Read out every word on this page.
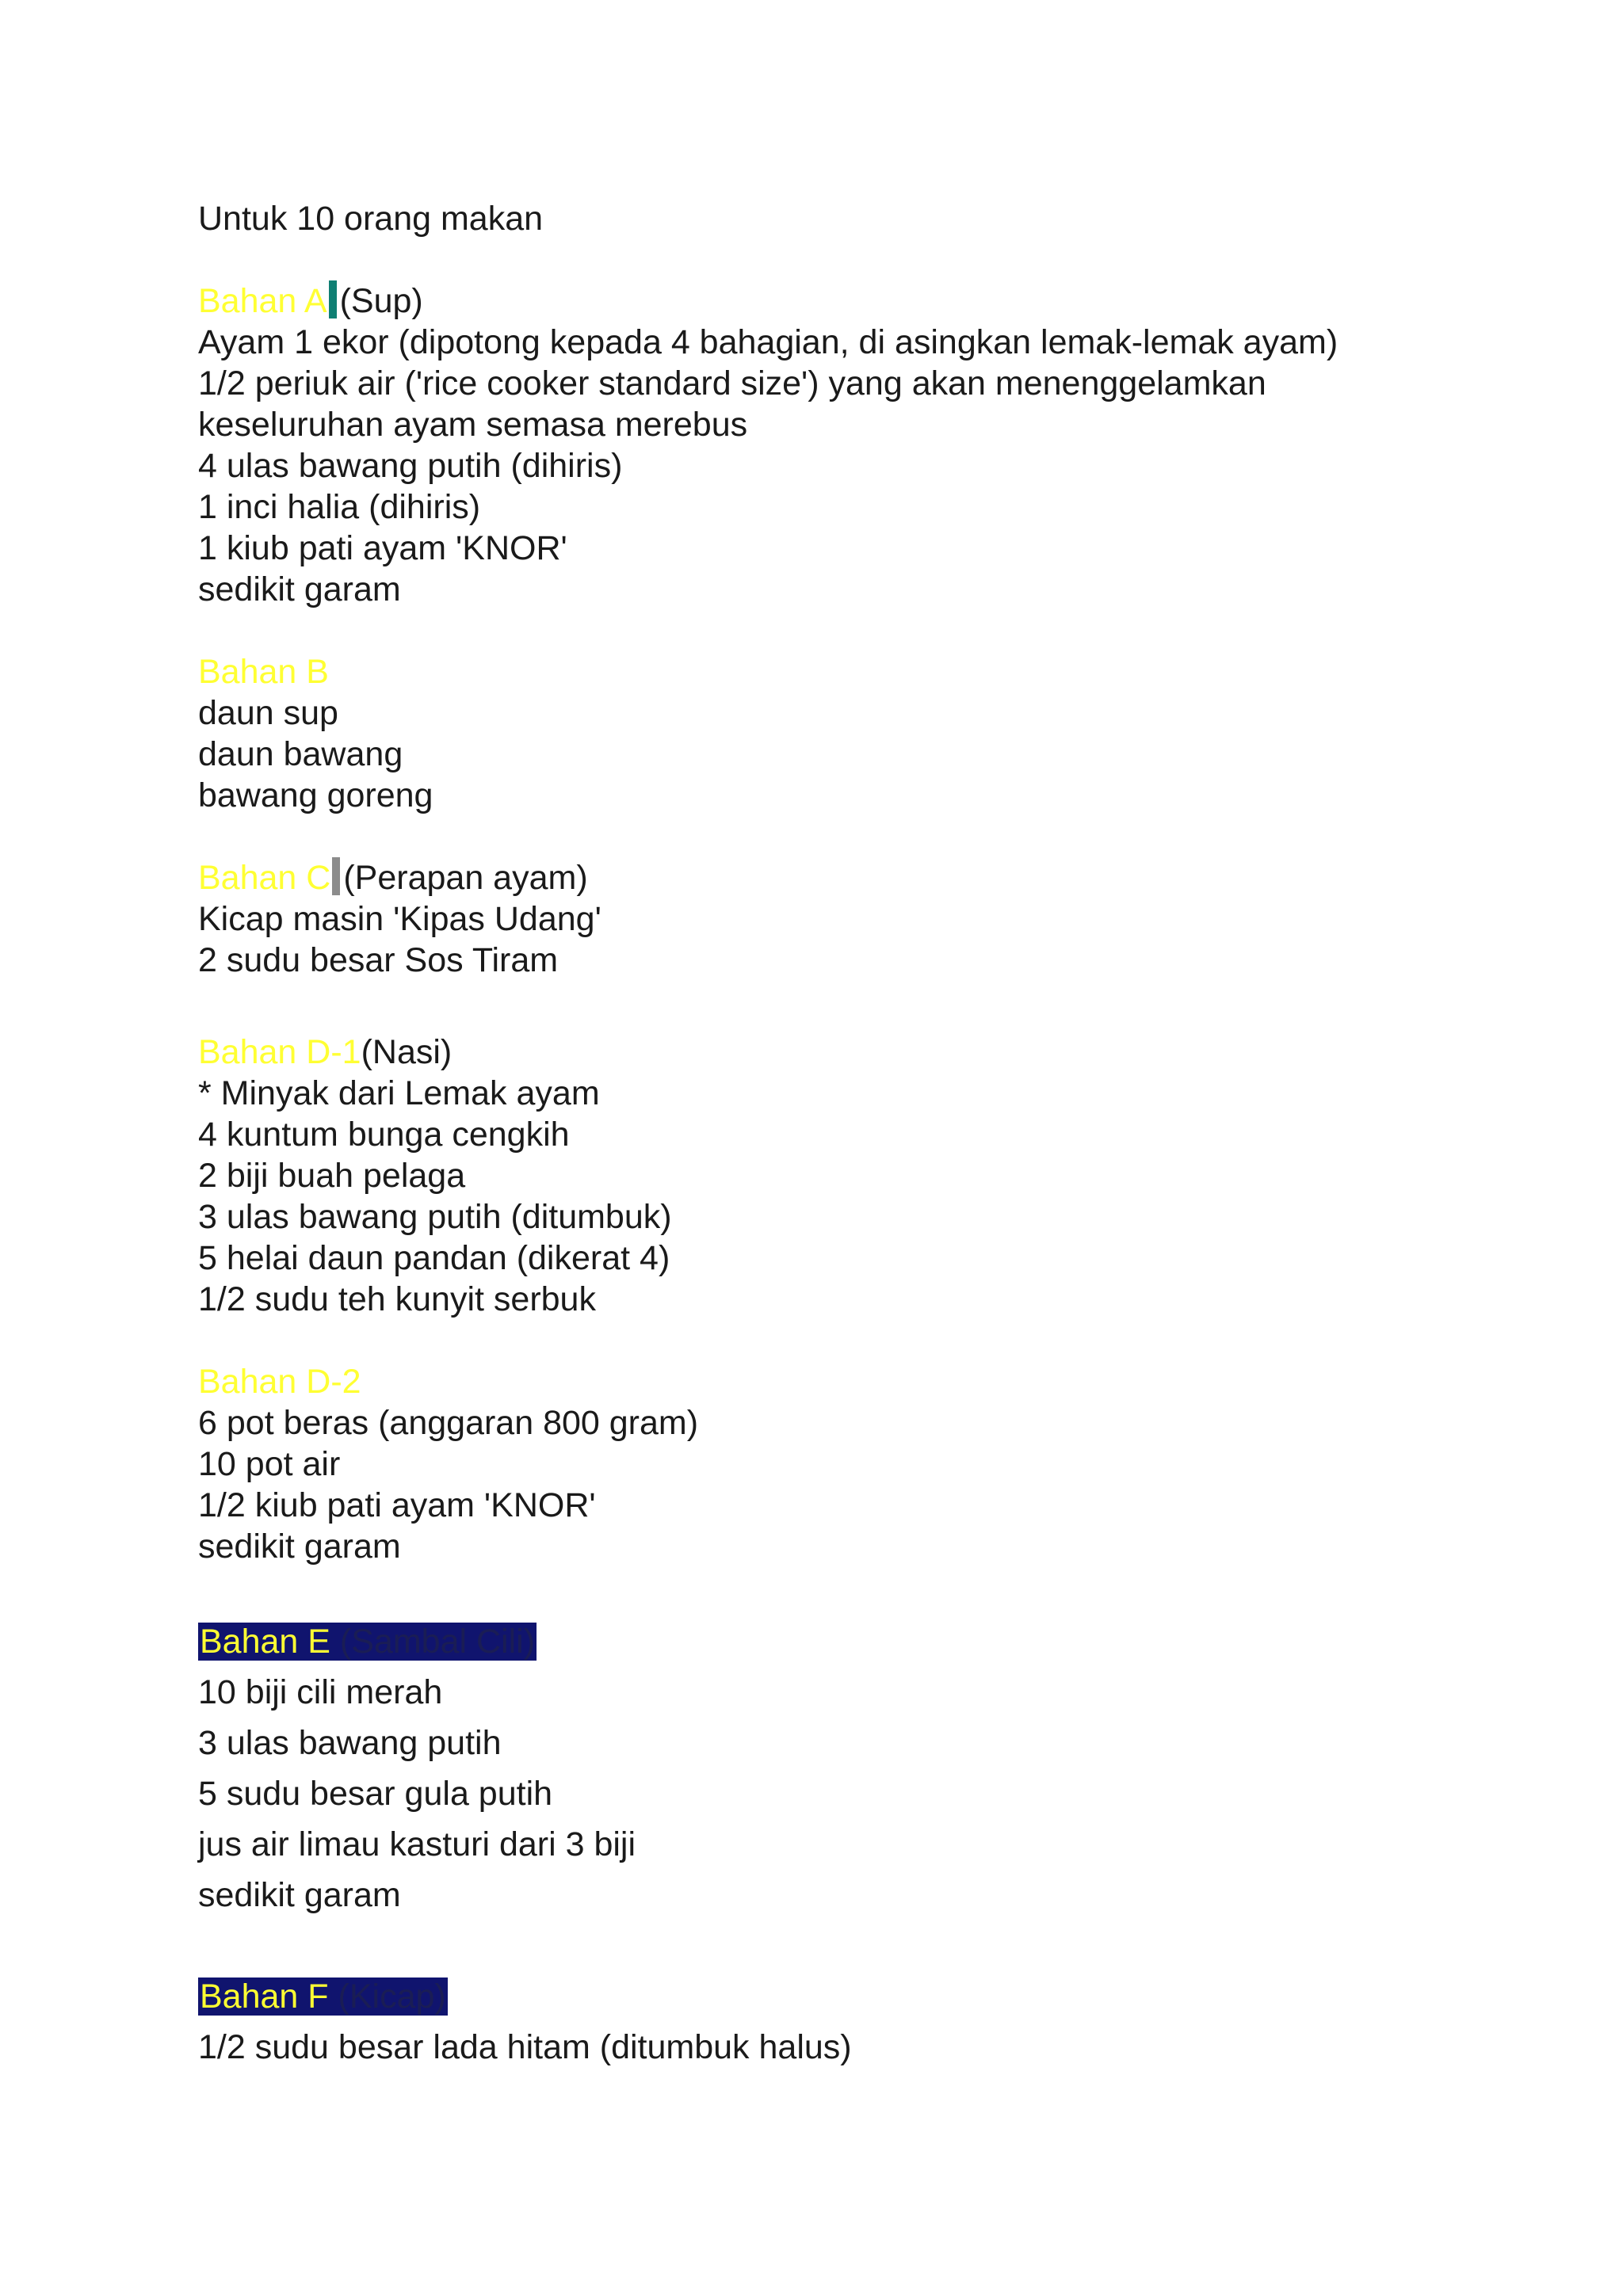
Untuk 10 orang makan

Bahan A (Sup)

Ayam 1 ekor (dipotong kepada 4 bahagian, di asingkan lemak-lemak ayam)

1/2 periuk air ('rice cooker standard size') yang akan menenggelamkan

keseluruhan ayam semasa merebus

4 ulas bawang putih (dihiris)

1 inci halia (dihiris)

1 kiub pati ayam 'KNOR'

sedikit garam

Bahan B

daun sup

daun bawang

bawang goreng

Bahan C (Perapan ayam)

Kicap masin 'Kipas Udang'

2 sudu besar Sos Tiram

Bahan D-1(Nasi)

* Minyak dari Lemak ayam

4 kuntum bunga cengkih

2 biji buah pelaga

3 ulas bawang putih (ditumbuk)

5 helai daun pandan (dikerat 4)

1/2 sudu teh kunyit serbuk

Bahan D-2

6 pot beras (anggaran 800 gram)

10 pot air

1/2 kiub pati ayam 'KNOR'

sedikit garam

Bahan E (Sambal Cili)

10 biji cili merah

3 ulas bawang putih

5 sudu besar gula putih

jus air limau kasturi dari 3 biji

sedikit garam

Bahan F (Kicap)

1/2 sudu besar lada hitam (ditumbuk halus)
